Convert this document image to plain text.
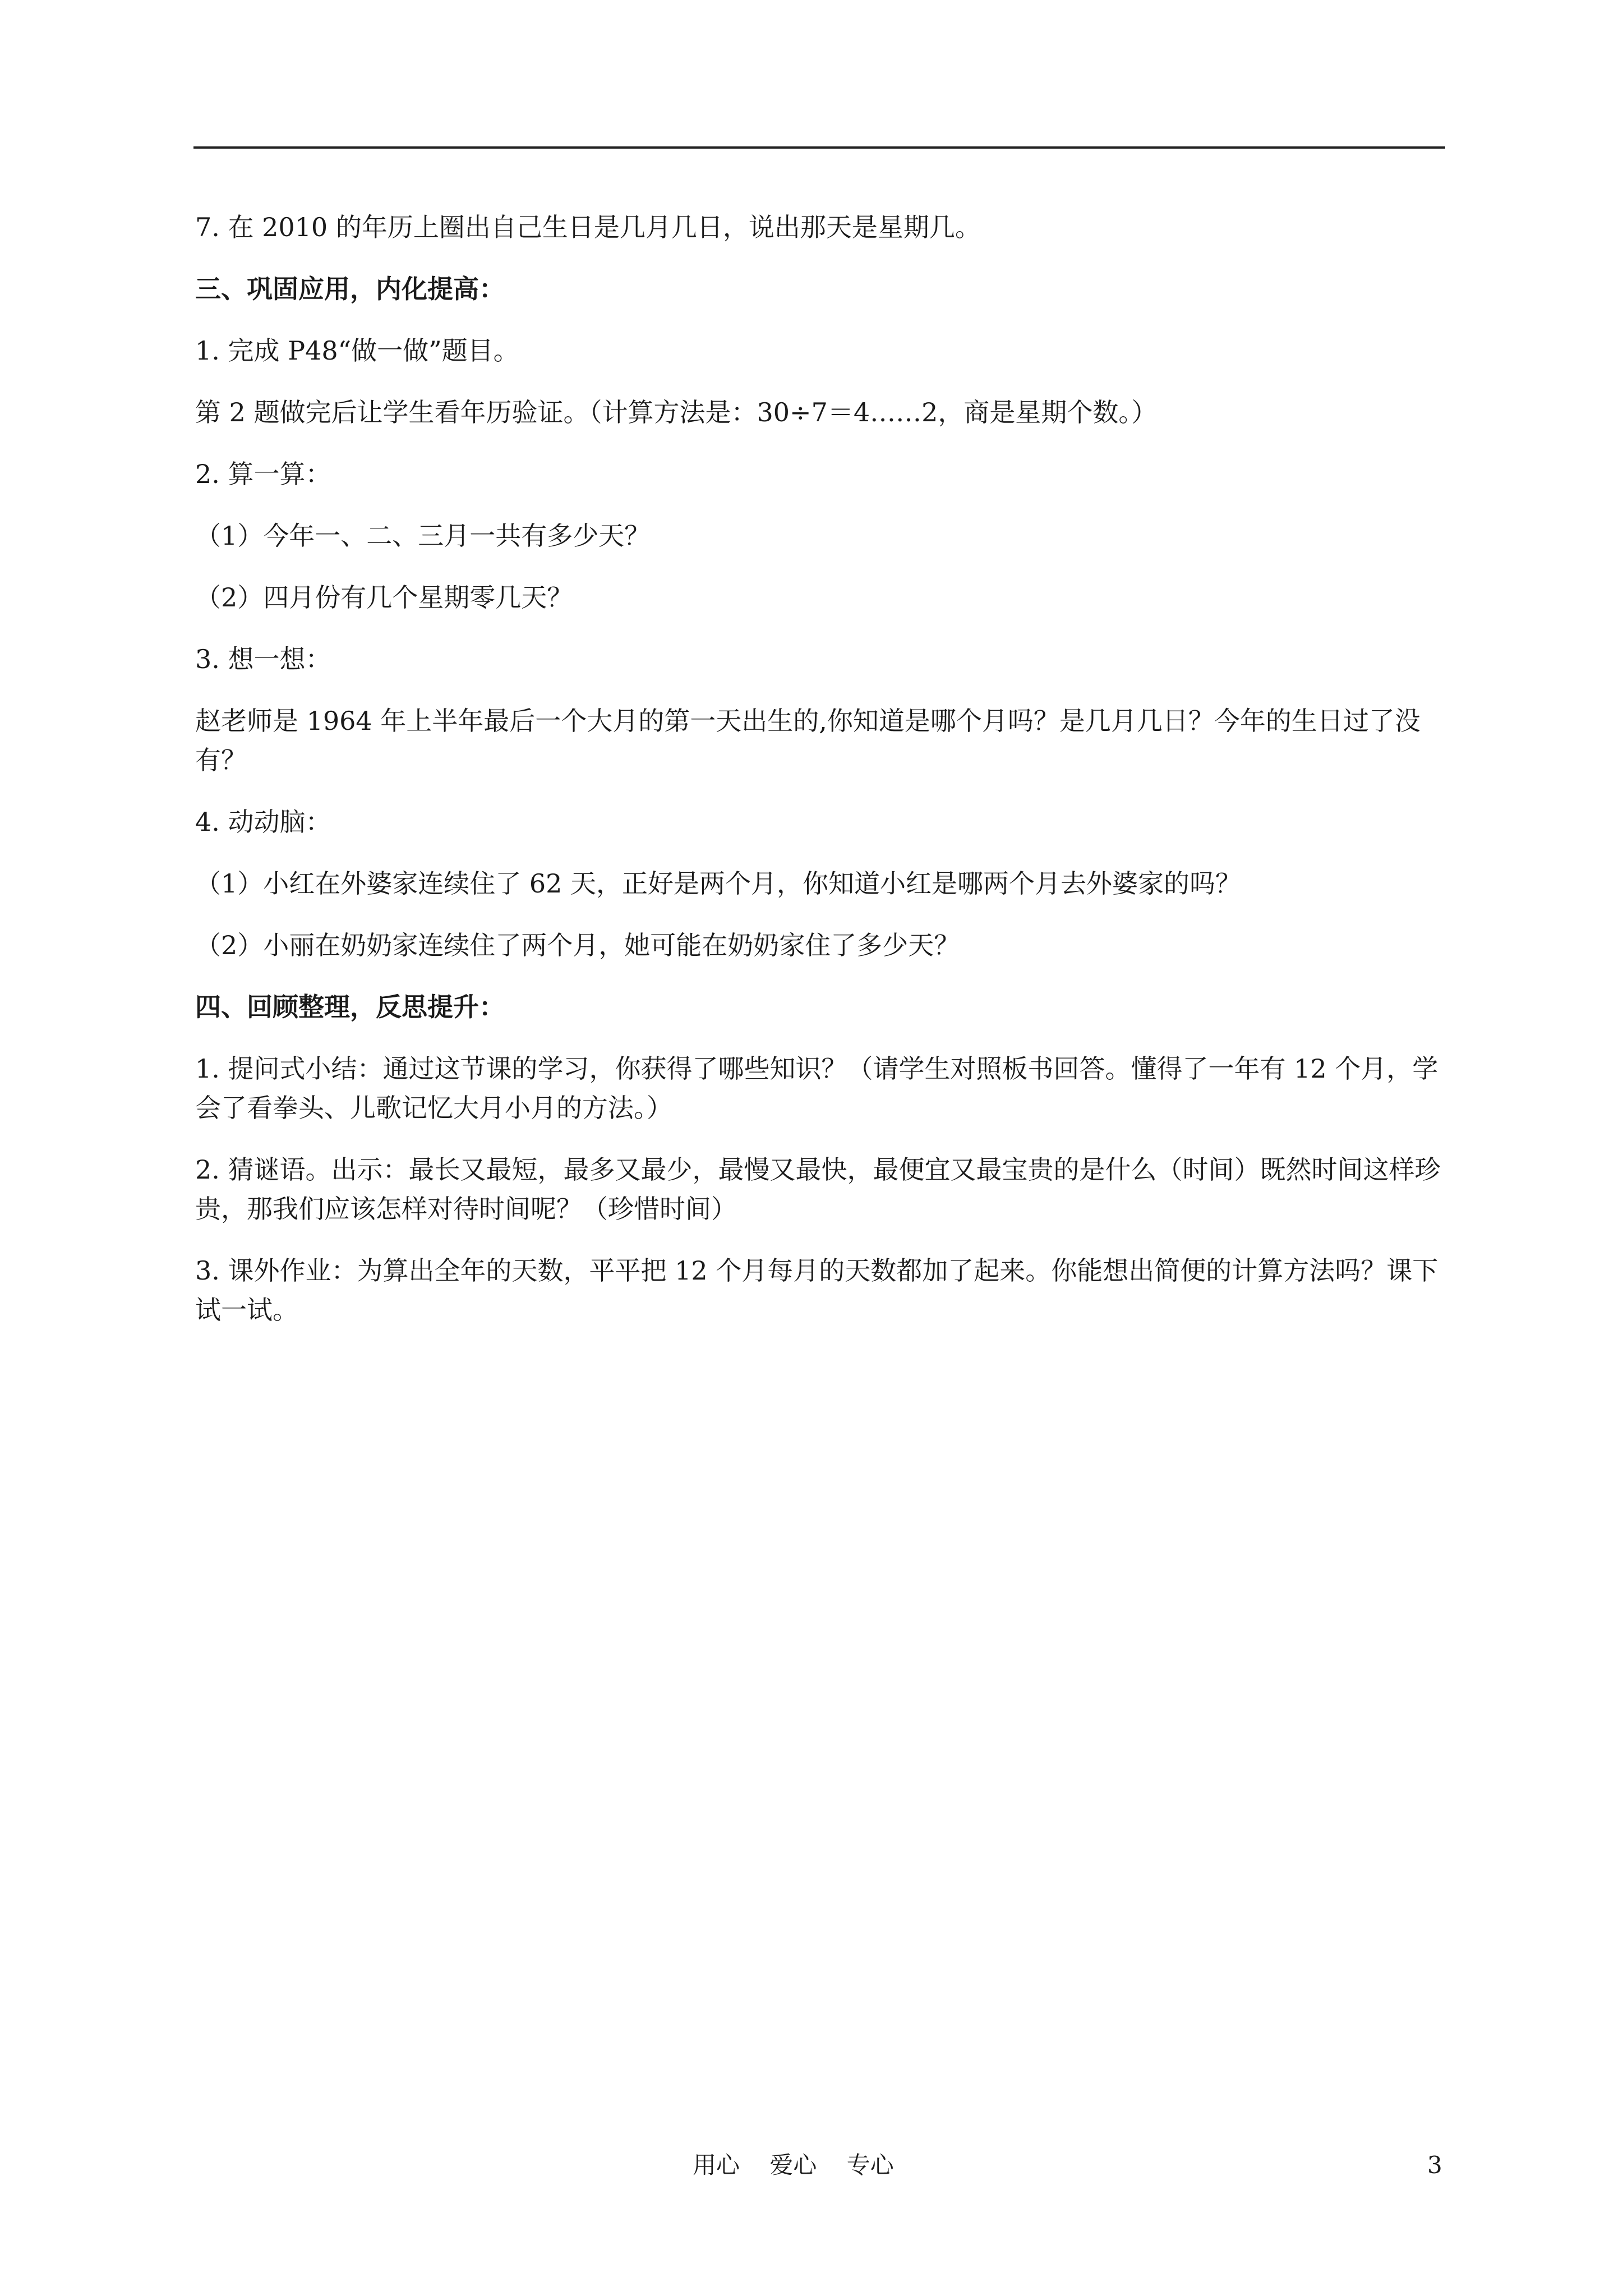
7. 在 2010 的年历上圈出自己生日是几月几日，说出那天是星期几。

三、巩固应用，内化提高：

1. 完成 P48“做一做”题目。

第 2 题做完后让学生看年历验证。（计算方法是：30÷7＝4……2，商是星期个数。）

2. 算一算：

（1）今年一、二、三月一共有多少天？

（2）四月份有几个星期零几天？

3. 想一想：

赵老师是 1964 年上半年最后一个大月的第一天出生的,你知道是哪个月吗？是几月几日？今年的生日过了没有？

4. 动动脑：

（1）小红在外婆家连续住了 62 天，正好是两个月，你知道小红是哪两个月去外婆家的吗？

（2）小丽在奶奶家连续住了两个月，她可能在奶奶家住了多少天？

四、回顾整理，反思提升：

1. 提问式小结：通过这节课的学习，你获得了哪些知识？（请学生对照板书回答。懂得了一年有 12 个月，学会了看拳头、儿歌记忆大月小月的方法。）

2. 猜谜语。出示：最长又最短，最多又最少，最慢又最快，最便宜又最宝贵的是什么（时间）既然时间这样珍贵，那我们应该怎样对待时间呢？（珍惜时间）

3. 课外作业：为算出全年的天数，平平把 12 个月每月的天数都加了起来。你能想出简便的计算方法吗？课下试一试。

用心    爱心    专心	3
